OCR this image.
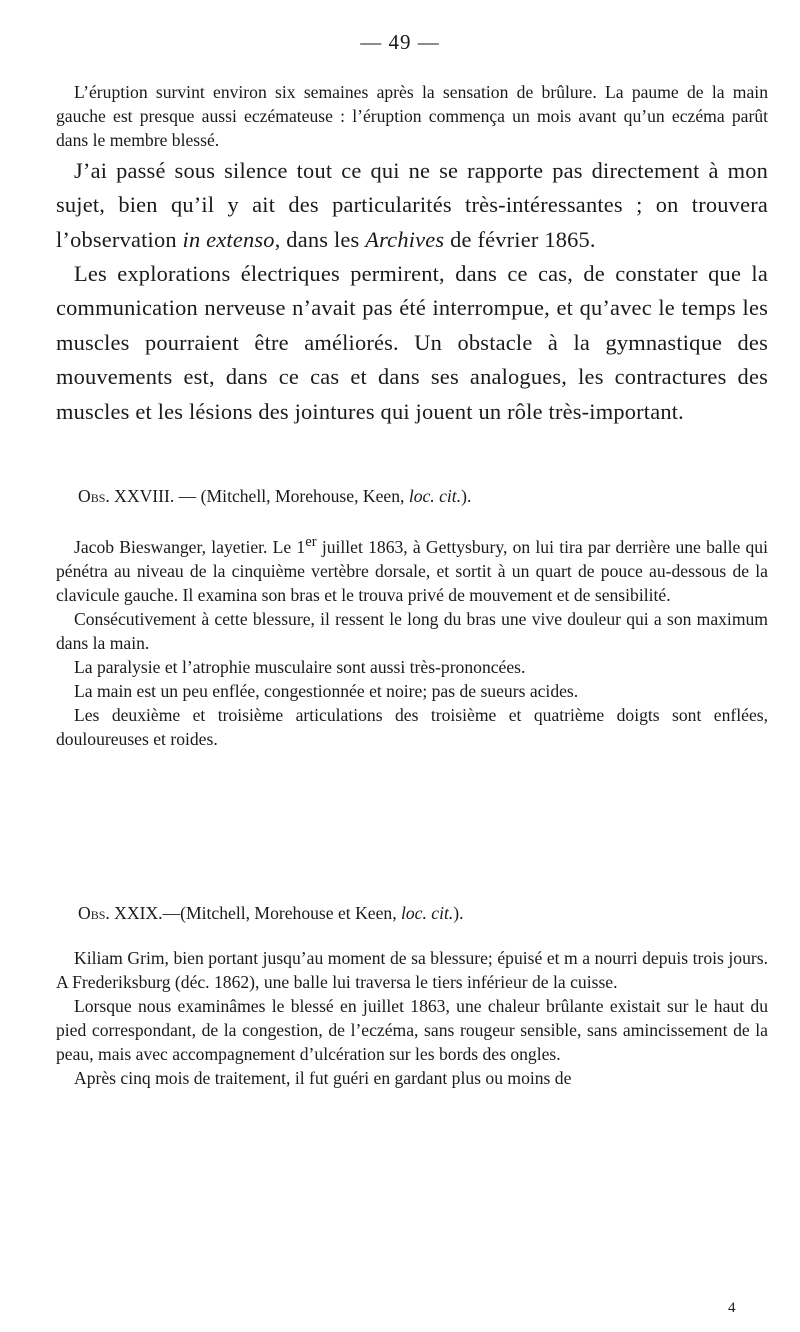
— 49 —

L’éruption survint environ six semaines après la sensation de brûlure. La paume de la main gauche est presque aussi eczémateuse : l’éruption commença un mois avant qu’un eczéma parût dans le membre blessé.

J’ai passé sous silence tout ce qui ne se rapporte pas directement à mon sujet, bien qu’il y ait des particularités très-intéressantes ; on trouvera l’observation in extenso, dans les Archives de février 1865.

Les explorations électriques permirent, dans ce cas, de constater que la communication nerveuse n’avait pas été interrompue, et qu’avec le temps les muscles pourraient être améliorés. Un obstacle à la gymnastique des mouvements est, dans ce cas et dans ses analogues, les contractures des muscles et les lésions des jointures qui jouent un rôle très-important.

Obs. XXVIII. — (Mitchell, Morehouse, Keen, loc. cit.).

Jacob Bieswanger, layetier. Le 1er juillet 1863, à Gettysbury, on lui tira par derrière une balle qui pénétra au niveau de la cinquième vertèbre dorsale, et sortit à un quart de pouce au-dessous de la clavicule gauche. Il examina son bras et le trouva privé de mouvement et de sensibilité.

Consécutivement à cette blessure, il ressent le long du bras une vive douleur qui a son maximum dans la main.

La paralysie et l’atrophie musculaire sont aussi très-prononcées.

La main est un peu enflée, congestionnée et noire; pas de sueurs acides.

Les deuxième et troisième articulations des troisième et quatrième doigts sont enflées, douloureuses et roides.

Obs. XXIX.—(Mitchell, Morehouse et Keen, loc. cit.).

Kiliam Grim, bien portant jusqu’au moment de sa blessure; épuisé et m a nourri depuis trois jours. A Frederiksburg (déc. 1862), une balle lui traversa le tiers inférieur de la cuisse.

Lorsque nous examinâmes le blessé en juillet 1863, une chaleur brûlante existait sur le haut du pied correspondant, de la congestion, de l’eczéma, sans rougeur sensible, sans amincissement de la peau, mais avec accompagnement d’ulcération sur les bords des ongles.

Après cinq mois de traitement, il fut guéri en gardant plus ou moins de

4
